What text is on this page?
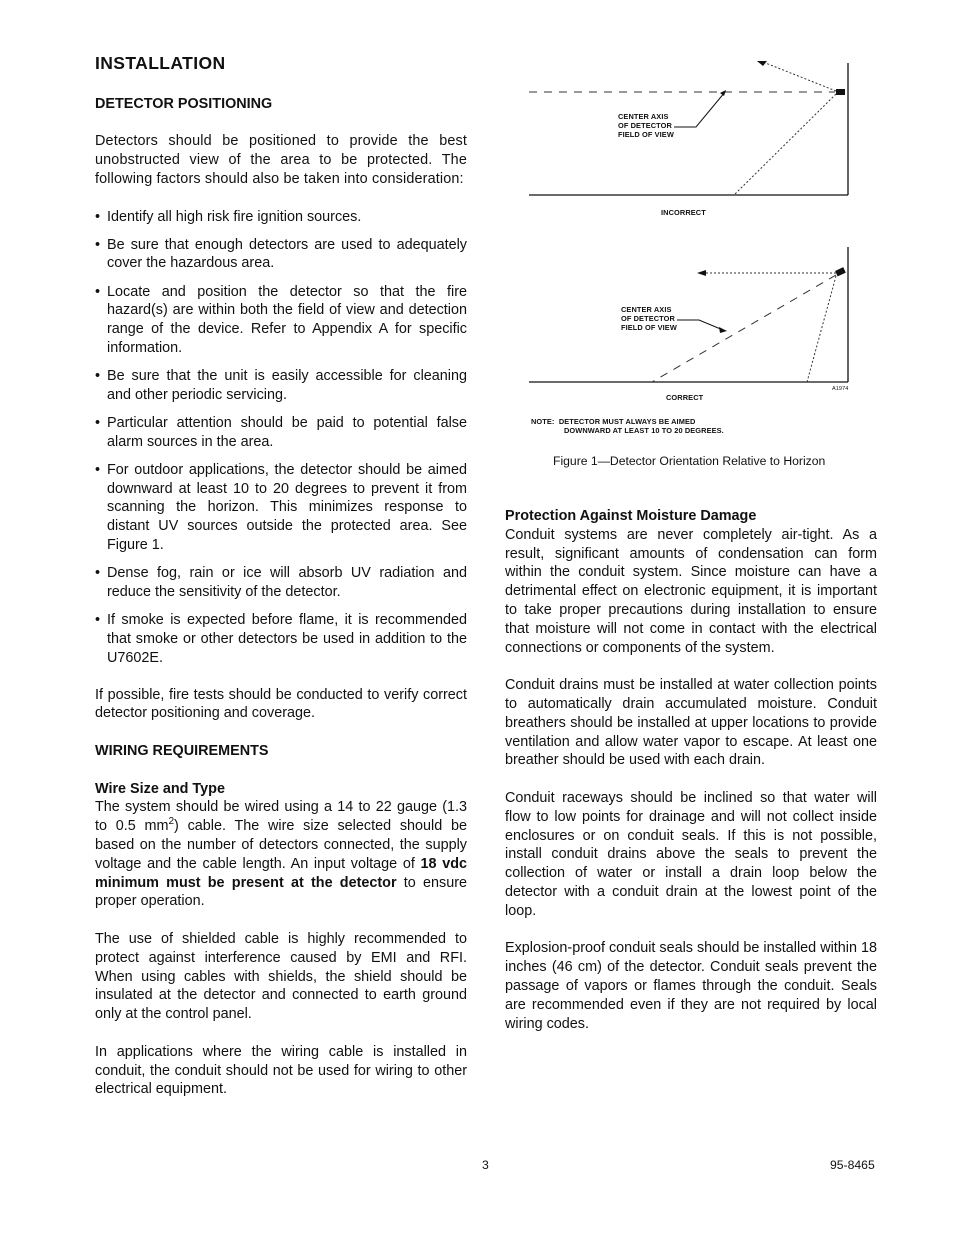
INSTALLATION
DETECTOR POSITIONING

Detectors should be positioned to provide the best unobstructed view of the area to be protected. The following factors should also be taken into consideration:

• Identify all high risk fire ignition sources.
• Be sure that enough detectors are used to adequately cover the hazardous area.
• Locate and position the detector so that the fire hazard(s) are within both the field of view and detection range of the device. Refer to Appendix A for specific information.
• Be sure that the unit is easily accessible for cleaning and other periodic servicing.
• Particular attention should be paid to potential false alarm sources in the area.
• For outdoor applications, the detector should be aimed downward at least 10 to 20 degrees to prevent it from scanning the horizon. This minimizes response to distant UV sources outside the protected area. See Figure 1.
• Dense fog, rain or ice will absorb UV radiation and reduce the sensitivity of the detector.
• If smoke is expected before flame, it is recommended that smoke or other detectors be used in addition to the U7602E.

If possible, fire tests should be conducted to verify correct detector positioning and coverage.

WIRING REQUIREMENTS
Wire Size and Type

The system should be wired using a 14 to 22 gauge (1.3 to 0.5 $mm^2$) cable. The wire size selected should be based on the number of detectors connected, the supply voltage and the cable length. An input voltage of 18 vdc minimum must be present at the detector to ensure proper operation.

The use of shielded cable is highly recommended to protect against interference caused by EMI and RFI. When using cables with shields, the shield should be insulated at the detector and connected to earth ground only at the control panel.

In applications where the wiring cable is installed in conduit, the conduit should not be used for wiring to other electrical equipment.

CENTER AXIS
OF DETECTOR
FIELD OF VIEW
INCORRECT
CENTER AXIS
OF DETECTOR
FIELD OF VIEW
CORRECT
A1974
NOTE: DETECTOR MUST ALWAYS BE AIMED
DOWNWARD AT LEAST 10 TO 20 DEGREES.
Figure 1—Detector Orientation Relative to Horizon
Protection Against Moisture Damage

Conduit systems are never completely air-tight. As a result, significant amounts of condensation can form within the conduit system. Since moisture can have a detrimental effect on electronic equipment, it is important to take proper precautions during installation to ensure that moisture will not come in contact with the electrical connections or components of the system.

Conduit drains must be installed at water collection points to automatically drain accumulated moisture. Conduit breathers should be installed at upper locations to provide ventilation and allow water vapor to escape. At least one breather should be used with each drain.

Conduit raceways should be inclined so that water will flow to low points for drainage and will not collect inside enclosures or on conduit seals. If this is not possible, install conduit drains above the seals to prevent the collection of water or install a drain loop below the detector with a conduit drain at the lowest point of the loop.

Explosion-proof conduit seals should be installed within 18 inches (46 cm) of the detector. Conduit seals prevent the passage of vapors or flames through the conduit. Seals are recommended even if they are not required by local wiring codes.

3	95-8465
